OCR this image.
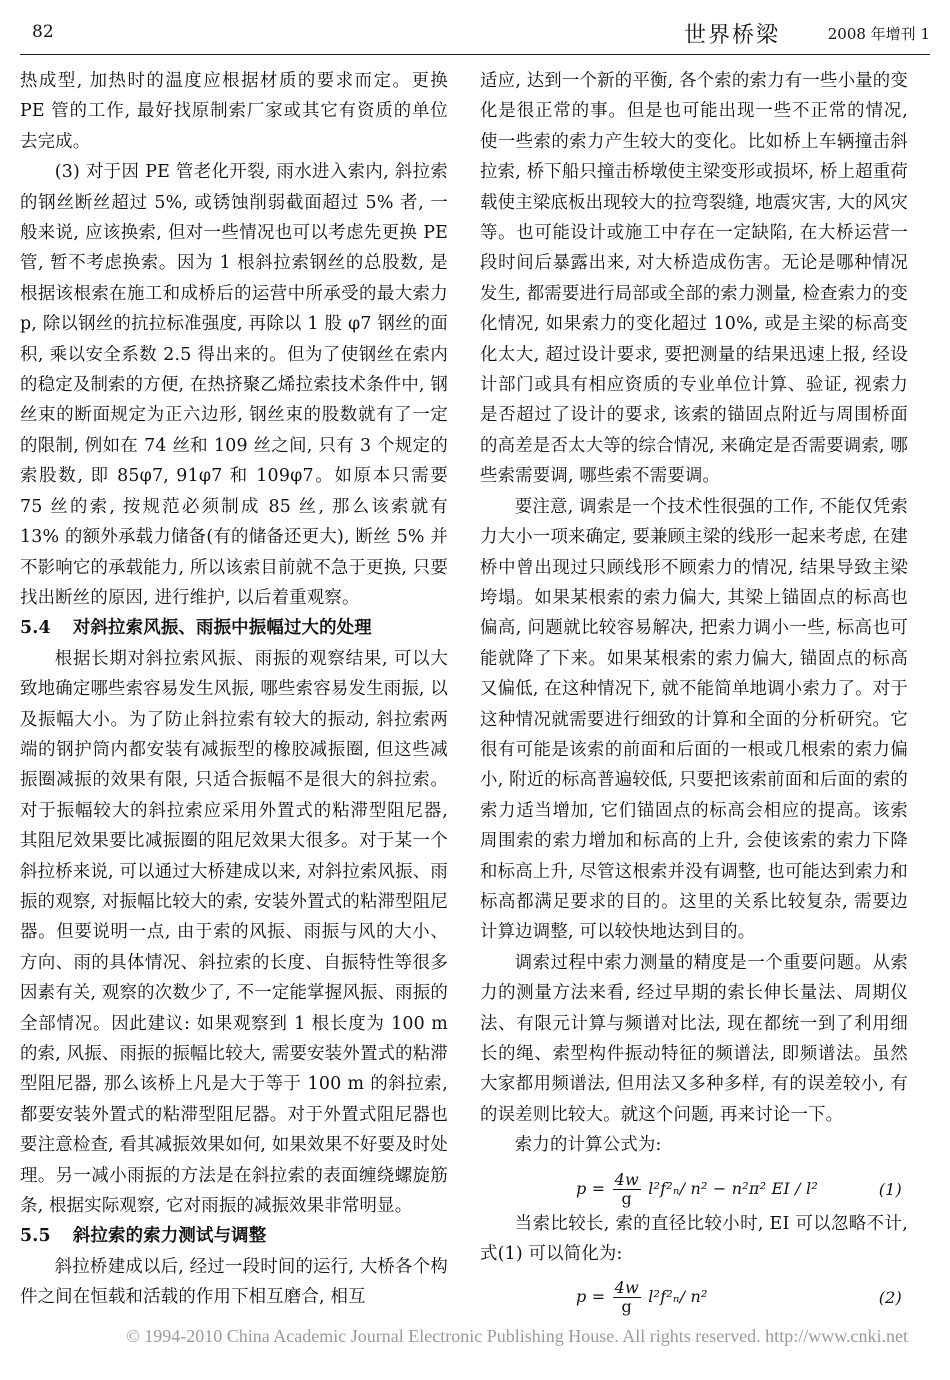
82	世界桥梁	2008 年增刊 1

热成型, 加热时的温度应根据材质的要求而定。更换 PE 管的工作, 最好找原制索厂家或其它有资质的单位去完成。

(3) 对于因 PE 管老化开裂, 雨水进入索内, 斜拉索的钢丝断丝超过 5%, 或锈蚀削弱截面超过 5% 者, 一般来说, 应该换索, 但对一些情况也可以考虑先更换 PE 管, 暂不考虑换索。因为 1 根斜拉索钢丝的总股数, 是根据该根索在施工和成桥后的运营中所承受的最大索力 p, 除以钢丝的抗拉标准强度, 再除以 1 股 φ7 钢丝的面积, 乘以安全系数 2.5 得出来的。但为了使钢丝在索内的稳定及制索的方便, 在热挤聚乙烯拉索技术条件中, 钢丝束的断面规定为正六边形, 钢丝束的股数就有了一定的限制, 例如在 74 丝和 109 丝之间, 只有 3 个规定的索股数, 即 85φ7, 91φ7 和 109φ7。如原本只需要 75 丝的索, 按规范必须制成 85 丝, 那么该索就有 13% 的额外承载力储备(有的储备还更大), 断丝 5% 并不影响它的承载能力, 所以该索目前就不急于更换, 只要找出断丝的原因, 进行维护, 以后着重观察。

5.4 对斜拉索风振、雨振中振幅过大的处理

根据长期对斜拉索风振、雨振的观察结果, 可以大致地确定哪些索容易发生风振, 哪些索容易发生雨振, 以及振幅大小。为了防止斜拉索有较大的振动, 斜拉索两端的钢护筒内都安装有减振型的橡胶减振圈, 但这些减振圈减振的效果有限, 只适合振幅不是很大的斜拉索。对于振幅较大的斜拉索应采用外置式的粘滞型阻尼器, 其阻尼效果要比减振圈的阻尼效果大很多。对于某一个斜拉桥来说, 可以通过大桥建成以来, 对斜拉索风振、雨振的观察, 对振幅比较大的索, 安装外置式的粘滞型阻尼器。但要说明一点, 由于索的风振、雨振与风的大小、方向、雨的具体情况、斜拉索的长度、自振特性等很多因素有关, 观察的次数少了, 不一定能掌握风振、雨振的全部情况。因此建议: 如果观察到 1 根长度为 100 m 的索, 风振、雨振的振幅比较大, 需要安装外置式的粘滞型阻尼器, 那么该桥上凡是大于等于 100 m 的斜拉索, 都要安装外置式的粘滞型阻尼器。对于外置式阻尼器也要注意检查, 看其减振效果如何, 如果效果不好要及时处理。另一减小雨振的方法是在斜拉索的表面缠绕螺旋筋条, 根据实际观察, 它对雨振的减振效果非常明显。

5.5 斜拉索的索力测试与调整

斜拉桥建成以后, 经过一段时间的运行, 大桥各个构件之间在恒载和活载的作用下相互磨合, 相互

适应, 达到一个新的平衡, 各个索的索力有一些小量的变化是很正常的事。但是也可能出现一些不正常的情况, 使一些索的索力产生较大的变化。比如桥上车辆撞击斜拉索, 桥下船只撞击桥墩使主梁变形或损坏, 桥上超重荷载使主梁底板出现较大的拉弯裂缝, 地震灾害, 大的风灾等。也可能设计或施工中存在一定缺陷, 在大桥运营一段时间后暴露出来, 对大桥造成伤害。无论是哪种情况发生, 都需要进行局部或全部的索力测量, 检查索力的变化情况, 如果索力的变化超过 10%, 或是主梁的标高变化太大, 超过设计要求, 要把测量的结果迅速上报, 经设计部门或具有相应资质的专业单位计算、验证, 视索力是否超过了设计的要求, 该索的锚固点附近与周围桥面的高差是否太大等的综合情况, 来确定是否需要调索, 哪些索需要调, 哪些索不需要调。

要注意, 调索是一个技术性很强的工作, 不能仅凭索力大小一项来确定, 要兼顾主梁的线形一起来考虑, 在建桥中曾出现过只顾线形不顾索力的情况, 结果导致主梁垮塌。如果某根索的索力偏大, 其梁上锚固点的标高也偏高, 问题就比较容易解决, 把索力调小一些, 标高也可能就降了下来。如果某根索的索力偏大, 锚固点的标高又偏低, 在这种情况下, 就不能简单地调小索力了。对于这种情况就需要进行细致的计算和全面的分析研究。它很有可能是该索的前面和后面的一根或几根索的索力偏小, 附近的标高普遍较低, 只要把该索前面和后面的索的索力适当增加, 它们锚固点的标高会相应的提高。该索周围索的索力增加和标高的上升, 会使该索的索力下降和标高上升, 尽管这根索并没有调整, 也可能达到索力和标高都满足要求的目的。这里的关系比较复杂, 需要边计算边调整, 可以较快地达到目的。

调索过程中索力测量的精度是一个重要问题。从索力的测量方法来看, 经过早期的索长伸长量法、周期仪法、有限元计算与频谱对比法, 现在都统一到了利用细长的绳、索型构件振动特征的频谱法, 即频谱法。虽然大家都用频谱法, 但用法又多种多样, 有的误差较小, 有的误差则比较大。就这个问题, 再来讨论一下。

索力的计算公式为:

$p = \frac{4w}{g} l^2f^2_n/$ n² − n²π² EI / l²	(1)

当索比较长, 索的直径比较小时, EI 可以忽略不计, 式(1) 可以简化为:

$p = \frac{4w}{g} l^2f^2_n/$ n²	(2)
© 1994-2010 China Academic Journal Electronic Publishing House. All rights reserved. http://www.cnki.net
